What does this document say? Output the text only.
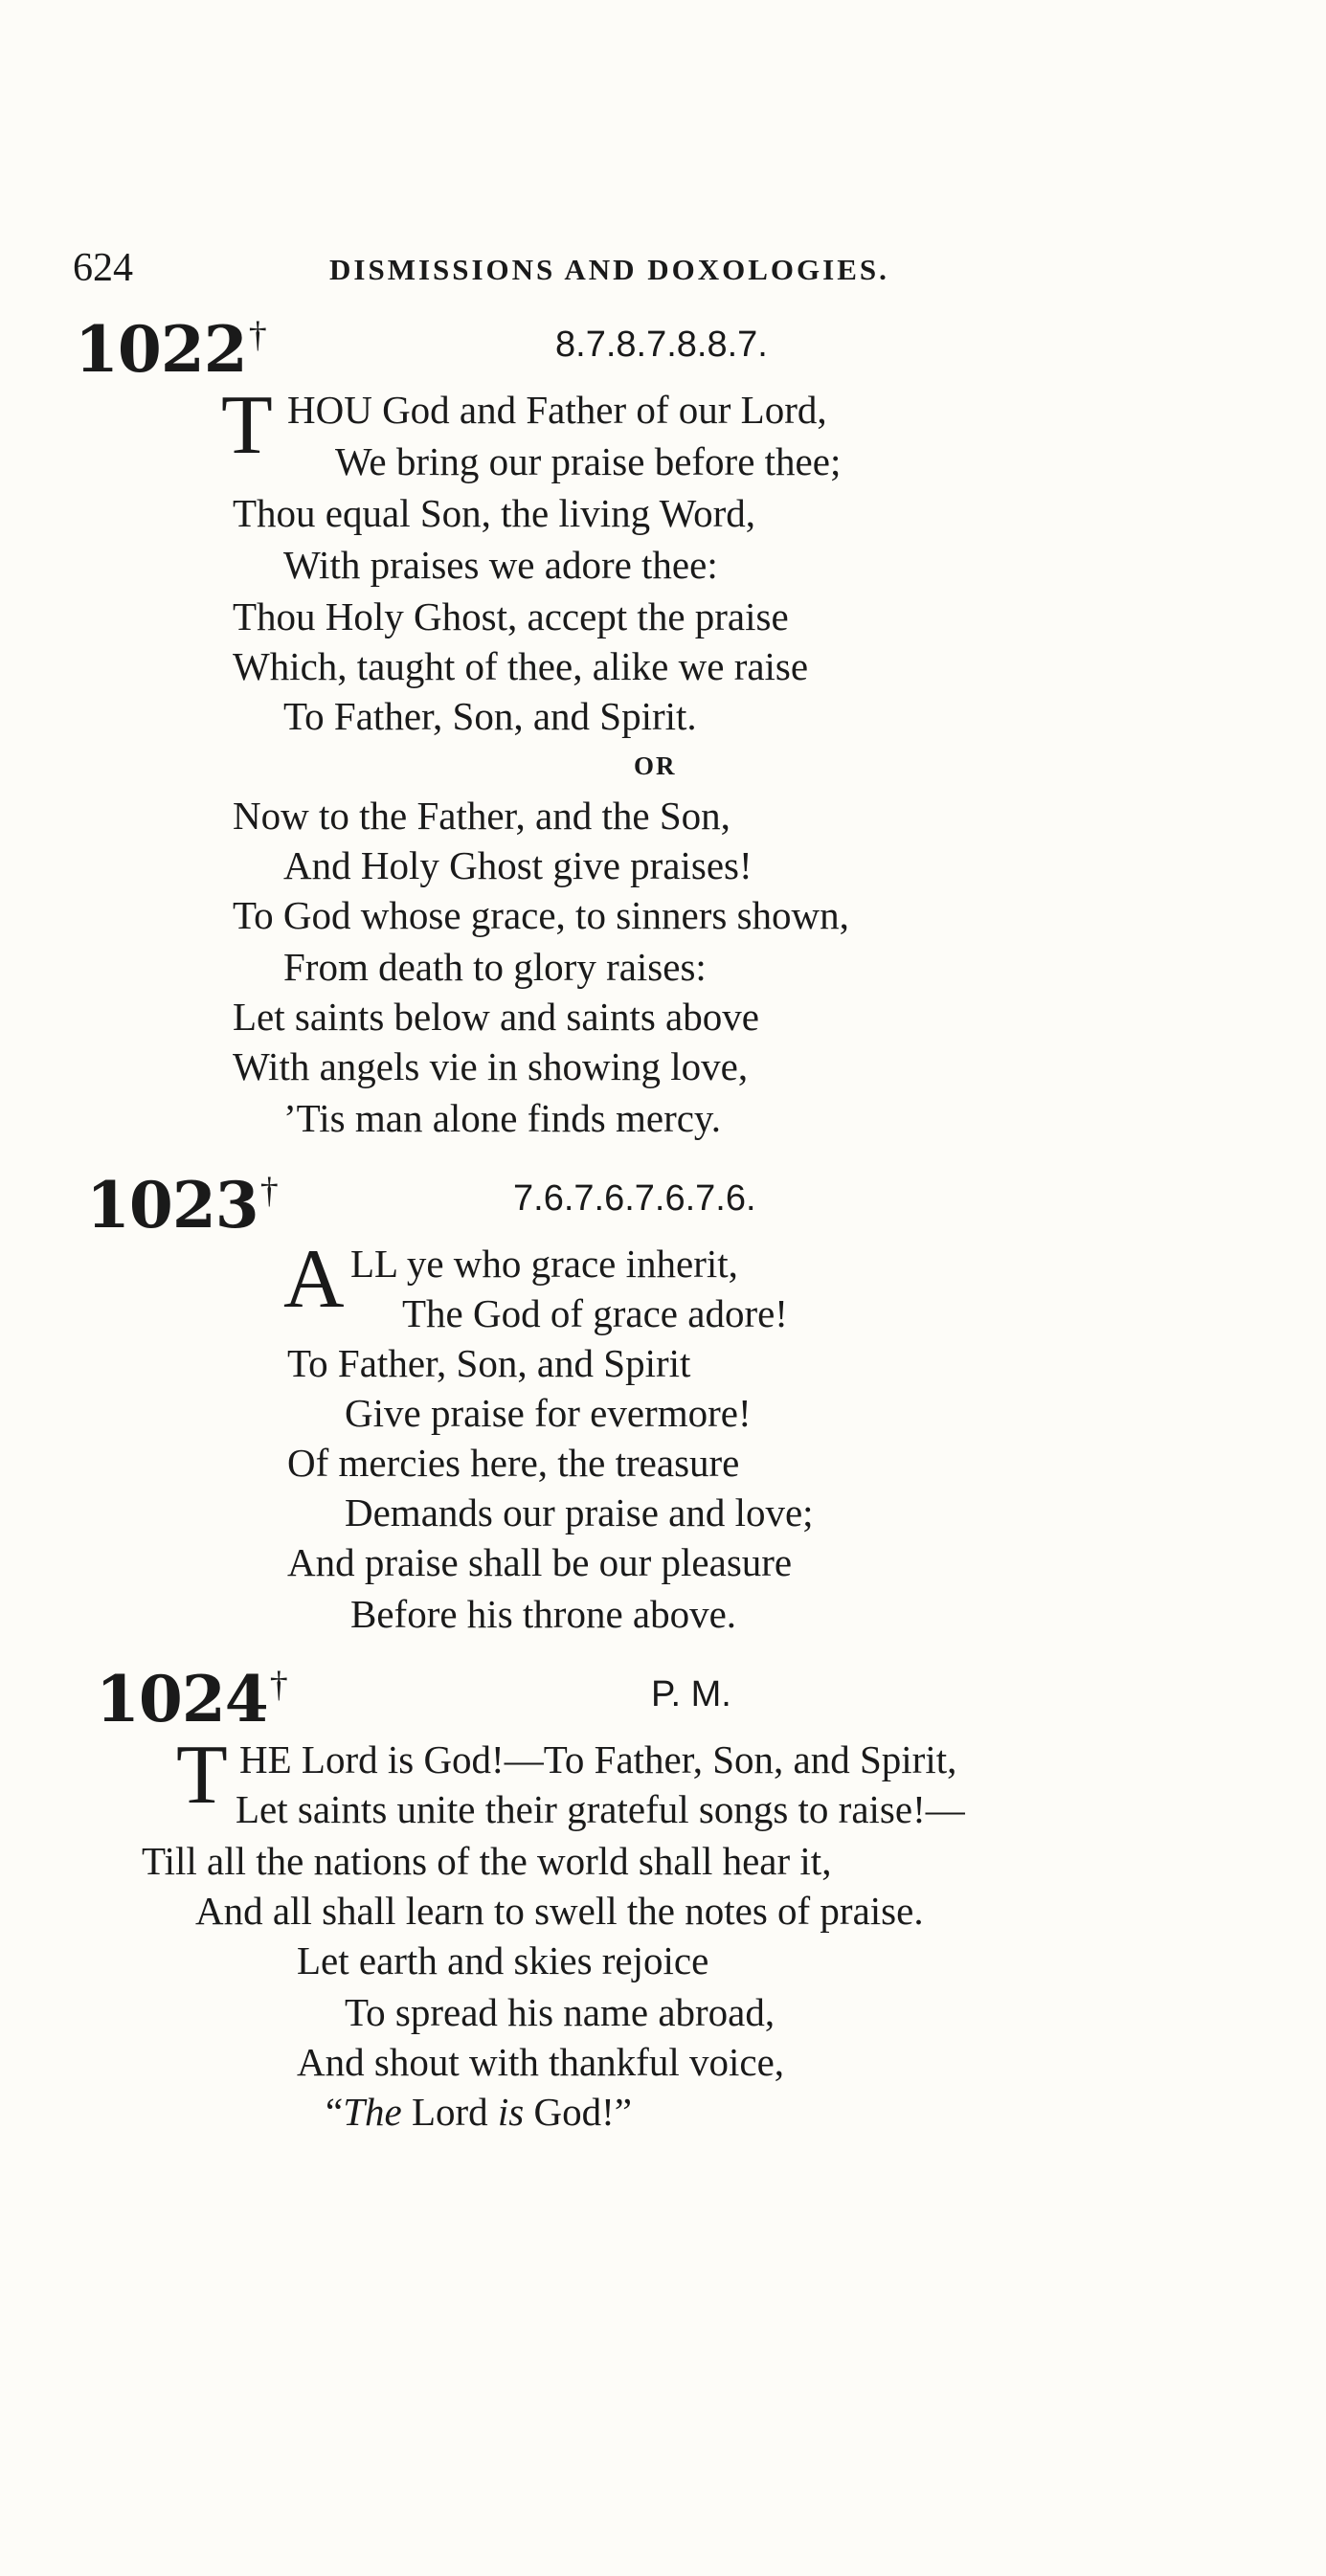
624	DISMISSIONS AND DOXOLOGIES.
1022†	8.7.8.7.8.8.7.
T HOU God and Father of our Lord,
We bring our praise before thee;
Thou equal Son, the living Word,
With praises we adore thee:
Thou Holy Ghost, accept the praise
Which, taught of thee, alike we raise
To Father, Son, and Spirit.
OR
Now to the Father, and the Son,
And Holy Ghost give praises!
To God whose grace, to sinners shown,
From death to glory raises:
Let saints below and saints above
With angels vie in showing love,
’Tis man alone finds mercy.
1023†	7.6.7.6.7.6.7.6.
A LL ye who grace inherit,
The God of grace adore!
To Father, Son, and Spirit
Give praise for evermore!
Of mercies here, the treasure
Demands our praise and love;
And praise shall be our pleasure
Before his throne above.
1024†	P. M.
T HE Lord is God!—To Father, Son, and Spirit,
Let saints unite their grateful songs to raise!—
Till all the nations of the world shall hear it,
And all shall learn to swell the notes of praise.
Let earth and skies rejoice
To spread his name abroad,
And shout with thankful voice,
“The Lord is God!”
